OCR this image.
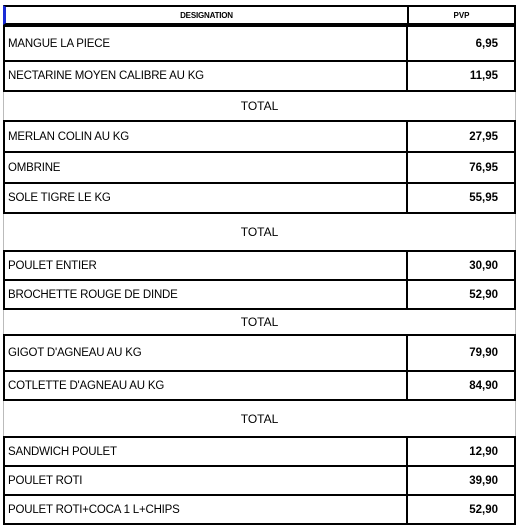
DESIGNATION	PVP
MANGUE LA PIECE	6,95
NECTARINE MOYEN CALIBRE AU KG	11,95
TOTAL
MERLAN COLIN AU KG	27,95
OMBRINE	76,95
SOLE TIGRE LE KG	55,95
TOTAL
POULET ENTIER	30,90
BROCHETTE ROUGE DE DINDE	52,90
TOTAL
GIGOT D'AGNEAU AU KG	79,90
COTLETTE D'AGNEAU AU KG	84,90
TOTAL
SANDWICH POULET	12,90
POULET ROTI	39,90
POULET ROTI+COCA 1 L+CHIPS	52,90
